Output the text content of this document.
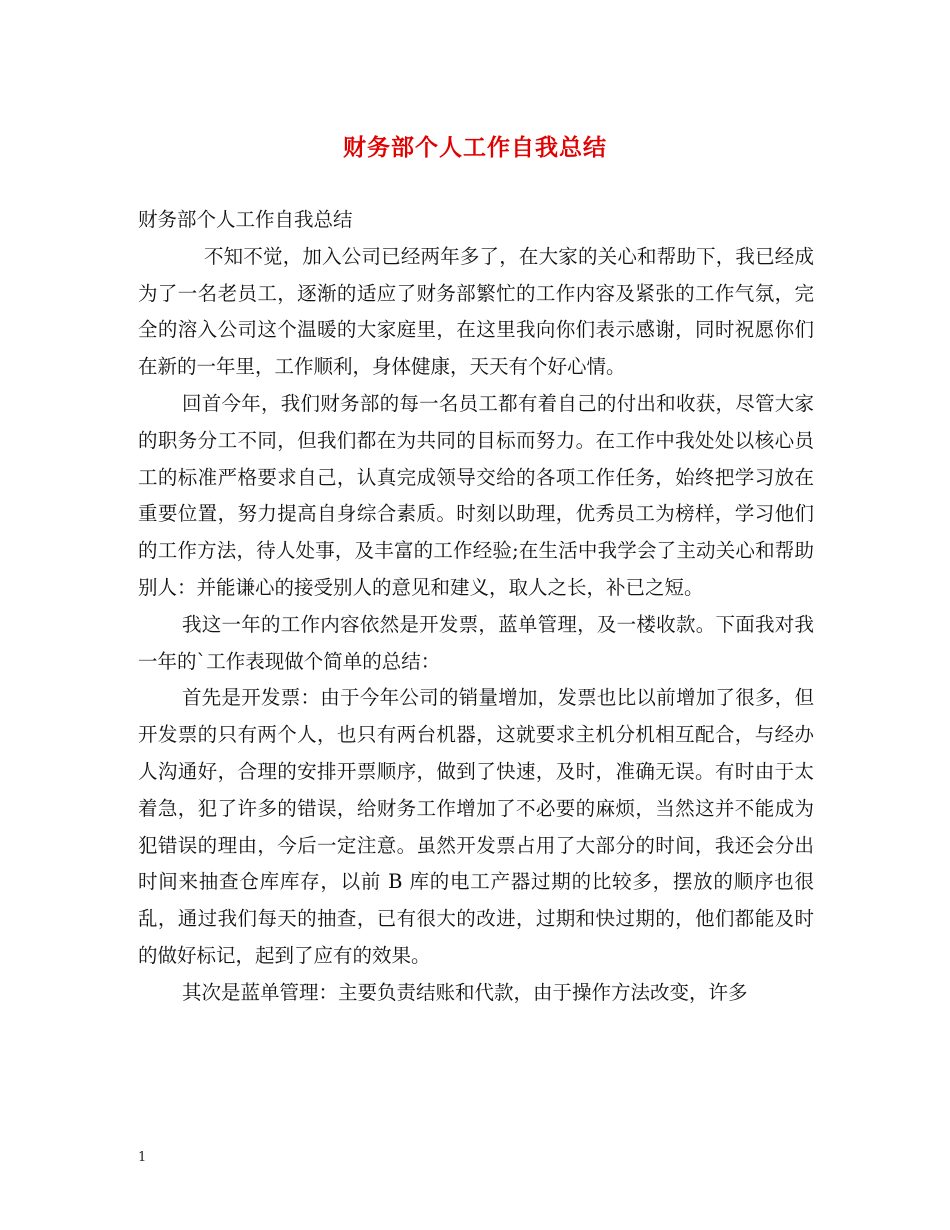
财务部个人工作自我总结

财务部个人工作自我总结

不知不觉，加入公司已经两年多了，在大家的关心和帮助下，我已经成为了一名老员工，逐渐的适应了财务部繁忙的工作内容及紧张的工作气氛，完全的溶入公司这个温暖的大家庭里，在这里我向你们表示感谢，同时祝愿你们在新的一年里，工作顺利，身体健康，天天有个好心情。

回首今年，我们财务部的每一名员工都有着自己的付出和收获，尽管大家的职务分工不同，但我们都在为共同的目标而努力。在工作中我处处以核心员工的标准严格要求自己，认真完成领导交给的各项工作任务，始终把学习放在重要位置，努力提高自身综合素质。时刻以助理，优秀员工为榜样，学习他们的工作方法，待人处事，及丰富的工作经验;在生活中我学会了主动关心和帮助别人：并能谦心的接受别人的意见和建义，取人之长，补已之短。

我这一年的工作内容依然是开发票，蓝单管理，及一楼收款。下面我对我一年的`工作表现做个简单的总结：

首先是开发票：由于今年公司的销量增加，发票也比以前增加了很多，但开发票的只有两个人，也只有两台机器，这就要求主机分机相互配合，与经办人沟通好，合理的安排开票顺序，做到了快速，及时，准确无误。有时由于太着急，犯了许多的错误，给财务工作增加了不必要的麻烦，当然这并不能成为犯错误的理由，今后一定注意。虽然开发票占用了大部分的时间，我还会分出时间来抽查仓库库存，以前 B 库的电工产器过期的比较多，摆放的顺序也很乱，通过我们每天的抽查，已有很大的改进，过期和快过期的，他们都能及时的做好标记，起到了应有的效果。

其次是蓝单管理：主要负责结账和代款，由于操作方法改变，许多

1
